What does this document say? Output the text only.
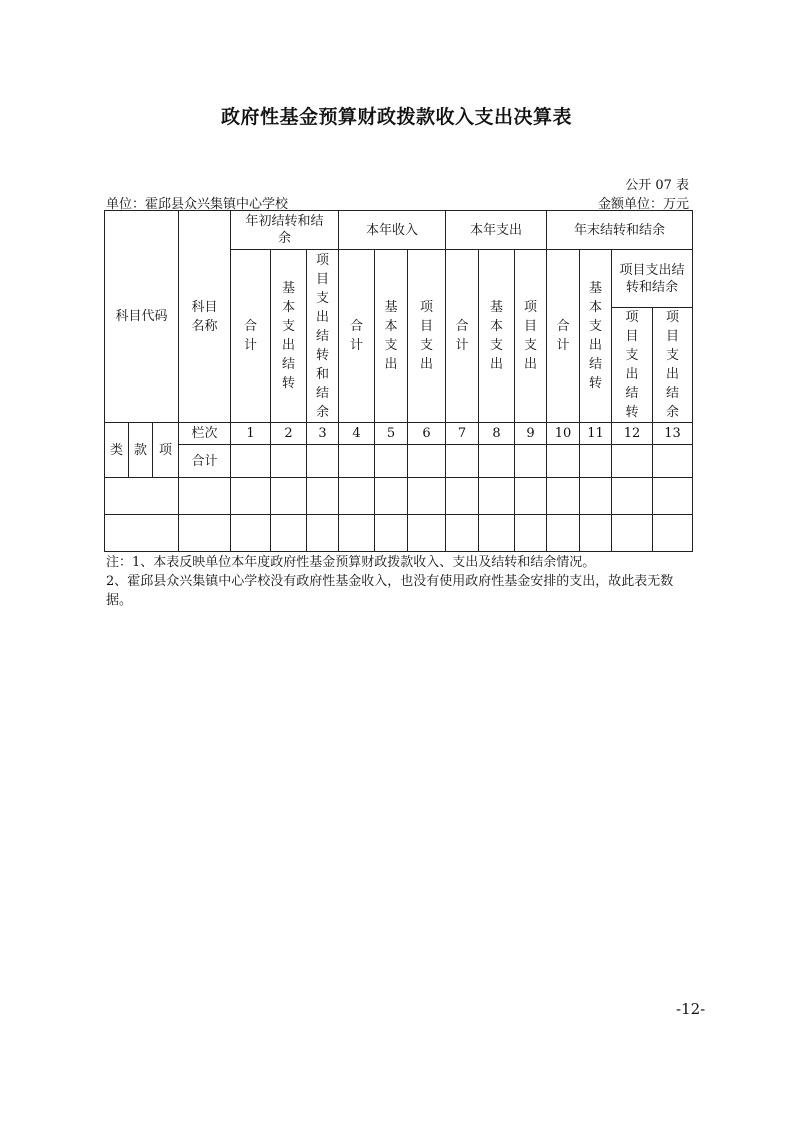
政府性基金预算财政拨款收入支出决算表
公开 07 表
单位：霍邱县众兴集镇中心学校	金额单位：万元
科目代码			科目名称	年初结转和结余			本年收入			本年支出			年末结转和结余			
				合计	基本支出结转	项目支出结转和结余	合计	基本支出	项目支出	合计	基本支出	项目支出	合计	基本支出结转	项目支出结转和结余	
															项目支出结转	项目支出结余
类	款	项	栏次	1	2	3	4	5	6	7	8	9	10	11	12	13
			合计													

注：1、本表反映单位本年度政府性基金预算财政拨款收入、支出及结转和结余情况。
2、霍邱县众兴集镇中心学校没有政府性基金收入，也没有使用政府性基金安排的支出，故此表无数据。
-12-
